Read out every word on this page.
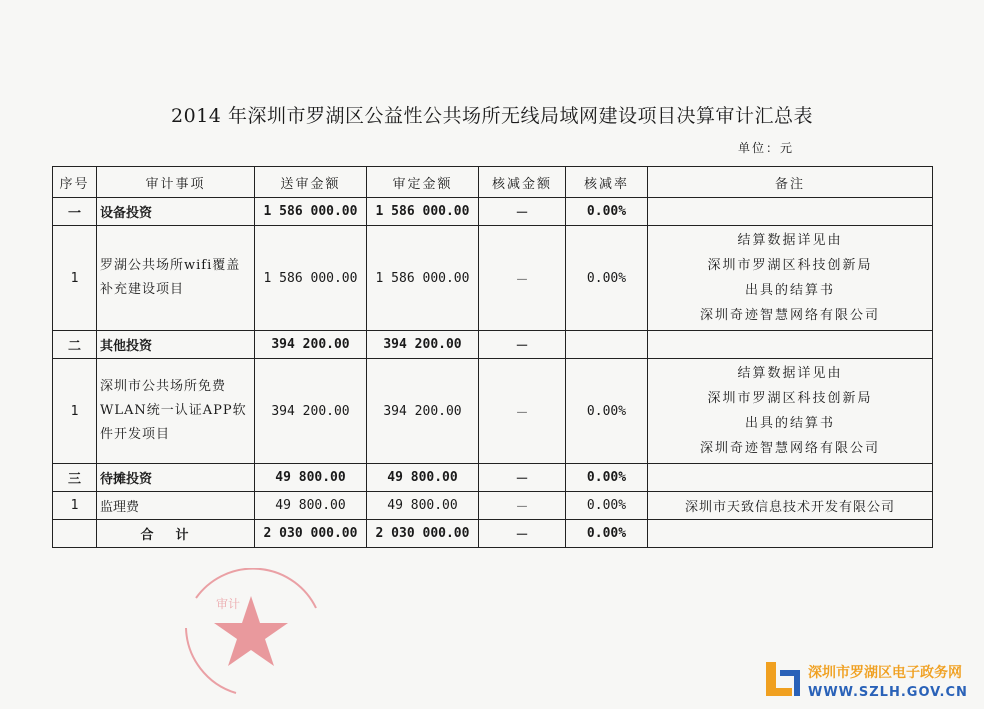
2014 年深圳市罗湖区公益性公共场所无线局域网建设项目决算审计汇总表
单位：元
序号	审计事项	送审金额	审定金额	核减金额	核减率	备注
一	设备投资	1 586 000.00	1 586 000.00	－	0.00%	
1	罗湖公共场所wifi覆盖补充建设项目	1 586 000.00	1 586 000.00	－	0.00%	结算数据详见由
深圳市罗湖区科技创新局
出具的结算书
深圳奇迹智慧网络有限公司

二	其他投资	394 200.00	394 200.00	－		
1	深圳市公共场所免费WLAN统一认证APP软件开发项目	394 200.00	394 200.00	－	0.00%	结算数据详见由
深圳市罗湖区科技创新局
出具的结算书
深圳奇迹智慧网络有限公司

三	待摊投资	49 800.00	49 800.00	－	0.00%	
1	监理费	49 800.00	49 800.00	－	0.00%	深圳市天致信息技术开发有限公司
	合计	2 030 000.00	2 030 000.00	－	0.00%	
审计
深圳市罗湖区电子政务网
WWW.SZLH.GOV.CN
